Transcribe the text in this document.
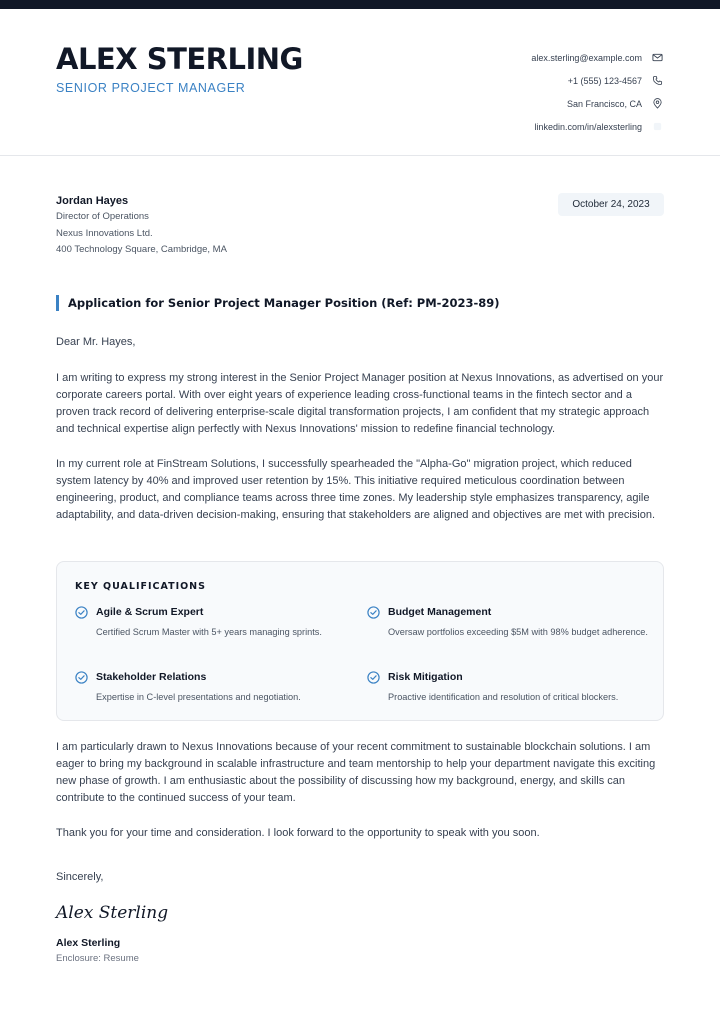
ALEX STERLING
SENIOR PROJECT MANAGER
alex.sterling@example.com
+1 (555) 123-4567
San Francisco, CA
linkedin.com/in/alexsterling
Jordan Hayes
Director of Operations
Nexus Innovations Ltd.
400 Technology Square, Cambridge, MA
October 24, 2023
Application for Senior Project Manager Position (Ref: PM-2023-89)

Dear Mr. Hayes,

I am writing to express my strong interest in the Senior Project Manager position at Nexus Innovations, as advertised on your corporate careers portal. With over eight years of experience leading cross-functional teams in the fintech sector and a proven track record of delivering enterprise-scale digital transformation projects, I am confident that my strategic approach and technical expertise align perfectly with Nexus Innovations' mission to redefine financial technology.

In my current role at FinStream Solutions, I successfully spearheaded the "Alpha-Go" migration project, which reduced system latency by 40% and improved user retention by 15%. This initiative required meticulous coordination between engineering, product, and compliance teams across three time zones. My leadership style emphasizes transparency, agile adaptability, and data-driven decision-making, ensuring that stakeholders are aligned and objectives are met with precision.

KEY QUALIFICATIONS
Agile & Scrum Expert
Certified Scrum Master with 5+ years managing sprints.
Budget Management
Oversaw portfolios exceeding $5M with 98% budget adherence.
Stakeholder Relations
Expertise in C-level presentations and negotiation.
Risk Mitigation
Proactive identification and resolution of critical blockers.

I am particularly drawn to Nexus Innovations because of your recent commitment to sustainable blockchain solutions. I am eager to bring my background in scalable infrastructure and team mentorship to help your department navigate this exciting new phase of growth. I am enthusiastic about the possibility of discussing how my background, energy, and skills can contribute to the continued success of your team.

Thank you for your time and consideration. I look forward to the opportunity to speak with you soon.

Sincerely,

Alex Sterling
Alex Sterling
Enclosure: Resume
